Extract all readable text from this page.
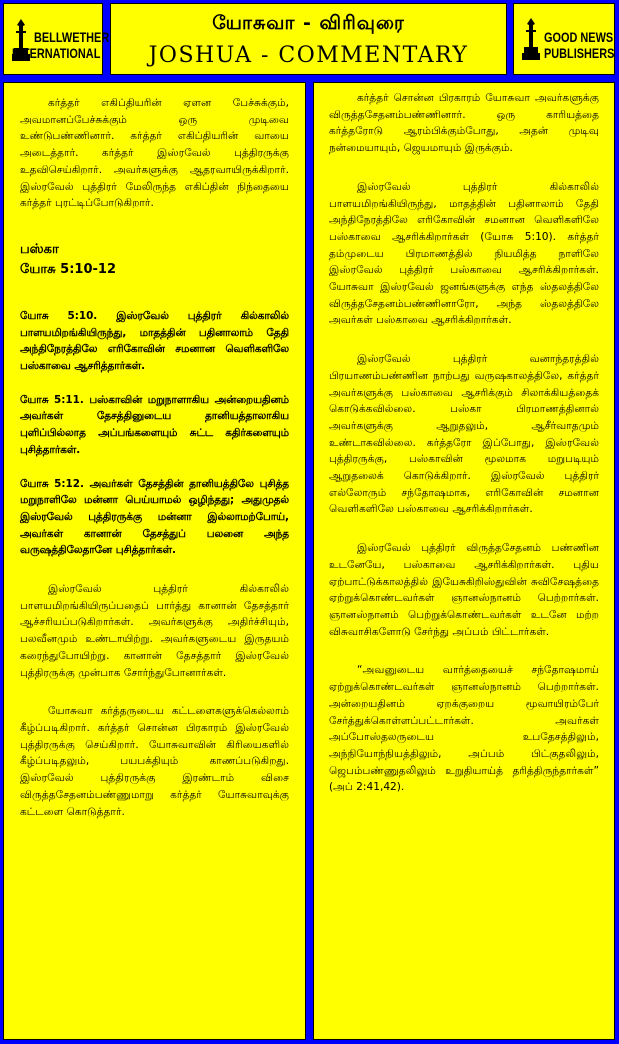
BELLWETHER
INTERNATIONAL
யோசுவா - விரிவுரை
JOSHUA - COMMENTARY
GOOD NEWS
PUBLISHERS

கர்த்தர் எகிப்தியரின் ஏளன பேச்சுக்கும், அவமானப்பேச்சுக்கும் ஒரு முடிவை உண்டுபண்ணினார். கர்த்தர் எகிப்தியரின் வாயை அடைத்தார். கர்த்தர் இஸ்ரவேல் புத்திரருக்கு உதவிசெய்கிறார். அவர்களுக்கு ஆதரவாயிருக்கிறார். இஸ்ரவேல் புத்திரர் மேலிருந்த எகிப்தின் நிந்தையை கர்த்தர் புரட்டிப்போடுகிறார்.

பஸ்கா
யோசு 5:10-12

யோசு 5:10. இஸ்ரவேல் புத்திரர் கில்காலில் பாளயமிறங்கியிருந்து, மாதத்தின் பதினாலாம் தேதி அந்திநேரத்திலே எரிகோவின் சமனான வெளிகளிலே பஸ்காவை ஆசரித்தார்கள்.

யோசு 5:11. பஸ்காவின் மறுநாளாகிய அன்றையதினம் அவர்கள் தேசத்தினுடைய தானியத்தாலாகிய புளிப்பில்லாத அப்பங்களையும் சுட்ட கதிர்களையும் புசித்தார்கள்.

யோசு 5:12. அவர்கள் தேசத்தின் தானியத்திலே புசித்த மறுநாளிலே மன்னா பெய்யாமல் ஒழிந்தது; அதுமுதல் இஸ்ரவேல் புத்திரருக்கு மன்னா இல்லாமற்போய், அவர்கள் கானான் தேசத்துப் பலனை அந்த வருஷத்திலேதானே புசித்தார்கள்.

இஸ்ரவேல் புத்திரர் கில்காலில் பாளயமிறங்கியிருப்பதைப் பார்த்து கானான் தேசத்தார் ஆச்சரியப்படுகிறார்கள். அவர்களுக்கு அதிர்ச்சியும், பலவீனமும் உண்டாயிற்று. அவர்களுடைய இருதயம் கரைந்துபோயிற்று. கானான் தேசத்தார் இஸ்ரவேல் புத்திரருக்கு முன்பாக சோர்ந்துபோனார்கள்.

யோசுவா கர்த்தருடைய கட்டளைகளுக்கெல்லாம் கீழ்ப்படிகிறார். கர்த்தர் சொன்ன பிரகாரம் இஸ்ரவேல் புத்திரருக்கு செய்கிறார். யோசுவாவின் கிரியைகளில் கீழ்ப்படிதலும், பயபக்தியும் காணப்படுகிறது. இஸ்ரவேல் புத்திரருக்கு இரண்டாம் விசை விருத்தசேதனம்பண்ணுமாறு கர்த்தர் யோசுவாவுக்கு கட்டளை கொடுத்தார்.

கர்த்தர் சொன்ன பிரகாரம் யோசுவா அவர்களுக்கு விருத்தசேதனம்பண்ணினார். ஒரு காரியத்தை கர்த்தரோடு ஆரம்பிக்கும்போது, அதன் முடிவு நன்மையாயும், ஜெயமாயும் இருக்கும்.

இஸ்ரவேல் புத்திரர் கில்காலில் பாளயமிறங்கியிருந்து, மாதத்தின் பதினாலாம் தேதி அந்திநேரத்திலே எரிகோவின் சமனான வெளிகளிலே பஸ்காவை ஆசரிக்கிறார்கள் (யோசு 5:10). கர்த்தர் தம்முடைய பிரமாணத்தில் நியமித்த நாளிலே இஸ்ரவேல் புத்திரர் பஸ்காவை ஆசரிக்கிறார்கள். யோசுவா இஸ்ரவேல் ஜனங்களுக்கு எந்த ஸ்தலத்திலே விருத்தசேதனம்பண்ணினாரோ, அந்த ஸ்தலத்திலே அவர்கள் பஸ்காவை ஆசரிக்கிறார்கள்.

இஸ்ரவேல் புத்திரர் வனாந்தரத்தில் பிரயாணம்பண்ணின நாற்பது வருஷகாலத்திலே, கர்த்தர் அவர்களுக்கு பஸ்காவை ஆசரிக்கும் சிலாக்கியத்தைக் கொடுக்கவில்லை. பஸ்கா பிரமாணத்தினால் அவர்களுக்கு ஆறுதலும், ஆசீர்வாதமும் உண்டாகவில்லை. கர்த்தரோ இப்போது, இஸ்ரவேல் புத்திரருக்கு, பஸ்காவின் மூலமாக மறுபடியும் ஆறுதலைக் கொடுக்கிறார். இஸ்ரவேல் புத்திரர் எல்லோரும் சந்தோஷமாக, எரிகோவின் சமனான வெளிகளிலே பஸ்காவை ஆசரிக்கிறார்கள்.

இஸ்ரவேல் புத்திரர் விருத்தசேதனம் பண்ணின உடனேயே, பஸ்காவை ஆசரிக்கிறார்கள். புதிய ஏற்பாட்டுக்காலத்தில் இயேசுகிறிஸ்துவின் சுவிசேஷத்தை ஏற்றுக்கொண்டவர்கள் ஞானஸ்நானம் பெற்றார்கள். ஞானஸ்நானம் பெற்றுக்கொண்டவர்கள் உடனே மற்ற விசுவாசிகளோடு சேர்ந்து அப்பம் பிட்டார்கள்.

“அவனுடைய வார்த்தையைச் சந்தோஷமாய் ஏற்றுக்கொண்டவர்கள் ஞானஸ்நானம் பெற்றார்கள். அன்றையதினம் ஏறக்குறைய மூவாயிரம்பேர் சேர்த்துக்கொள்ளப்பட்டார்கள். அவர்கள் அப்போஸ்தலருடைய உபதேசத்திலும், அந்நியோந்நியத்திலும், அப்பம் பிட்குதலிலும், ஜெபம்பண்ணுதலிலும் உறுதியாய்த் தரித்திருந்தார்கள்” (அப் 2:41,42).
